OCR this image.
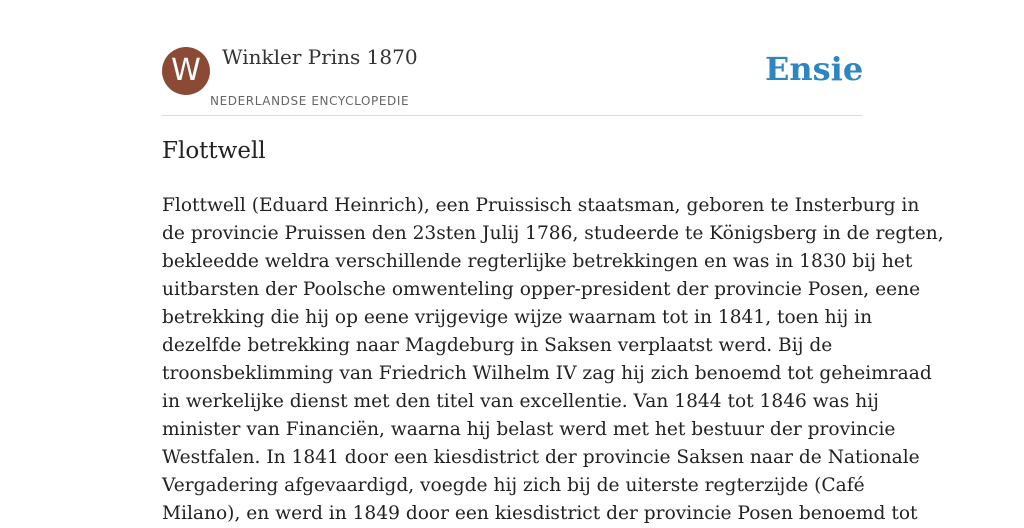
W	Winkler Prins 1870
NEDERLANDSE ENCYCLOPEDIE
Ensie
Flottwell

Flottwell (Eduard Heinrich), een Pruissisch staatsman, geboren te Insterburg in
de provincie Pruissen den 23sten Julij 1786, studeerde te Königsberg in de regten,
bekleedde weldra verschillende regterlijke betrekkingen en was in 1830 bij het
uitbarsten der Poolsche omwenteling opper-president der provincie Posen, eene
betrekking die hij op eene vrijgevige wijze waarnam tot in 1841, toen hij in
dezelfde betrekking naar Magdeburg in Saksen verplaatst werd. Bij de
troonsbeklimming van Friedrich Wilhelm IV zag hij zich benoemd tot geheimraad
in werkelijke dienst met den titel van excellentie. Van 1844 tot 1846 was hij
minister van Financiën, waarna hij belast werd met het bestuur der provincie
Westfalen. In 1841 door een kiesdistrict der provincie Saksen naar de Nationale
Vergadering afgevaardigd, voegde hij zich bij de uiterste regterzijde (Café
Milano), en werd in 1849 door een kiesdistrict der provincie Posen benoemd tot
